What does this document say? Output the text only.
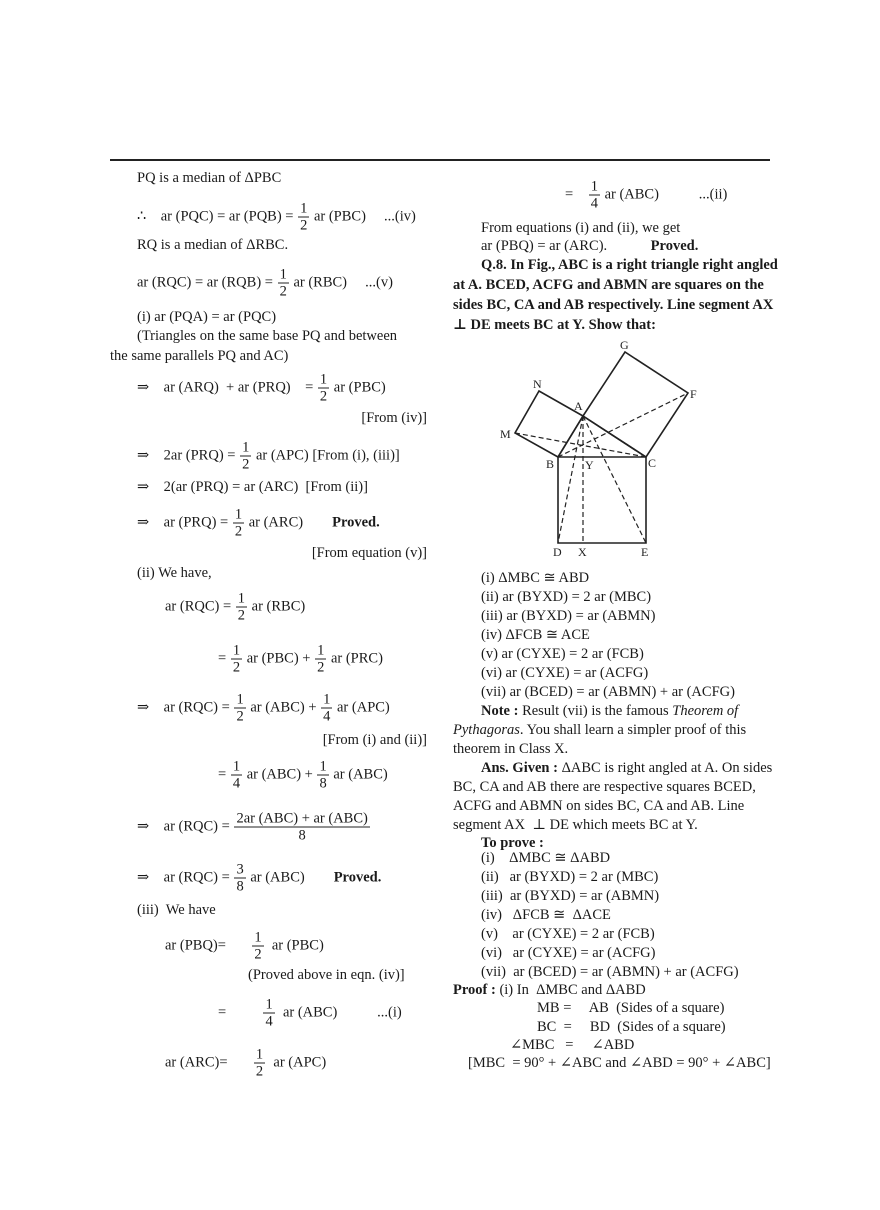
PQ is a median of ΔPBC
∴    ar (PQC) = ar $(PQB) = \frac{1}{2}$ ar (PBC)     ...(iv)
RQ is a median of ΔRBC.
ar (RQC) = ar $(RQB) = \frac{1}{2}$ ar (RBC)     ...(v)
(i) ar (PQA) = ar (PQC)
(Triangles on the same base PQ and between
the same parallels PQ and AC)
⇒    ar (ARQ)  + ar (PRQ)    = $\frac{1}{2}$ ar (PBC)
[From (iv)]
⇒    2ar $(PRQ) = \frac{1}{2}$ ar (APC) [From (i), (iii)]
⇒    2(ar (PRQ) = ar (ARC)  [From (ii)]
⇒    ar $(PRQ) = \frac{1}{2}$ ar (ARC)        Proved.
[From equation (v)]
(ii) We have,
ar $(RQC) = \frac{1}{2}$ ar (RBC)
= $\frac{1}{2}$ ar $(PBC) + \frac{1}{2}$ ar (PRC)
⇒    ar $(RQC) = \frac{1}{2}$ ar $(ABC) + \frac{1}{4}$ ar (APC)
[From (i) and (ii)]
= $\frac{1}{4}$ ar $(ABC) + \frac{1}{8}$ ar (ABC)
⇒    ar (RQC) = 2ar (ABC) + ar (ABC)
8
⇒    ar $(RQC) = \frac{3}{8}$ ar (ABC)        Proved.
(iii)  We have
ar $(PBQ)= \frac{1}{2}$ ar (PBC)
(Proved above in eqn. (iv)]
= $\frac{1}{4}$ ar (ABC)           ...(i)
ar $(ARC)= \frac{1}{2}$ ar (APC)
= $\frac{1}{4}$ ar (ABC)           ...(ii)
From equations (i) and (ii), we get
ar (PBQ) = ar (ARC).            Proved.
Q.8. In Fig., ABC is a right triangle right angled
at A. BCED, ACFG and ABMN are squares on the
sides BC, CA and AB respectively. Line segment AX
⊥ DE meets BC at Y. Show that:
(i) ΔMBC ≅ ABD
(ii) ar (BYXD) = 2 ar (MBC)
(iii) ar (BYXD) = ar (ABMN)
(iv) ΔFCB ≅ ACE
(v) ar (CYXE) = 2 ar (FCB)
(vi) ar (CYXE) = ar (ACFG)
(vii) ar (BCED) = ar (ABMN) + ar (ACFG)
Note : Result (vii) is the famous Theorem of
Pythagoras. You shall learn a simpler proof of this
theorem in Class X.
Ans. Given : ΔABC is right angled at A. On sides
BC, CA and AB there are respective squares BCED,
ACFG and ABMN on sides BC, CA and AB. Line
segment AX  ⊥ DE which meets BC at Y.
To prove :
(i)    ΔMBC ≅ ΔABD
(ii)   ar (BYXD) = 2 ar (MBC)
(iii)  ar (BYXD) = ar (ABMN)
(iv)   ΔFCB ≅  ΔACE
(v)    ar (CYXE) = 2 ar (FCB)
(vi)   ar (CYXE) = ar (ACFG)
(vii)  ar (BCED) = ar (ABMN) + ar (ACFG)
Proof : (i) In  ΔMBC and ΔABD
MB =     AB  (Sides of a square)
BC  =     BD  (Sides of a square)
∠MBC   =     ∠ABD
[MBC  = 90° + ∠ABC and ∠ABD = 90° + ∠ABC]
G
F
N
A
M
B	Y	C
D X	E
